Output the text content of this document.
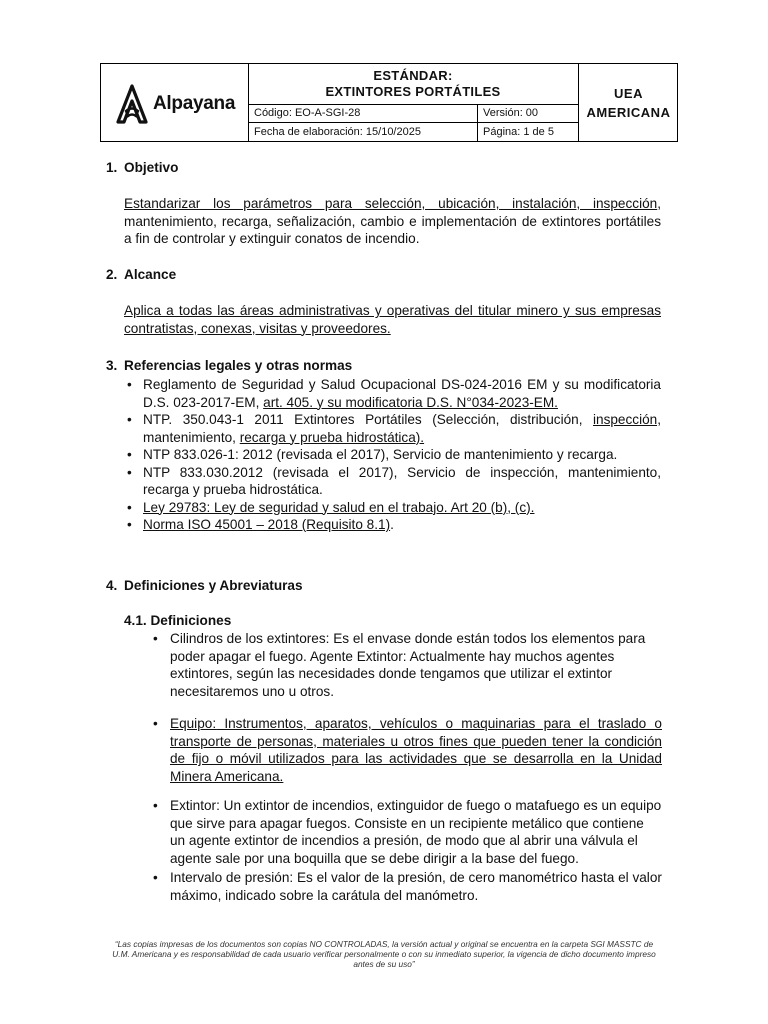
Alpayana
ESTÁNDAR:
EXTINTORES PORTÁTILES
Código: EO-A-SGI-28	Versión: 00
Fecha de elaboración: 15/10/2025	Página: 1 de 5
UEA
AMERICANA
1. Objetivo
Estandarizar los parámetros para selección, ubicación, instalación, inspección, mantenimiento, recarga, señalización, cambio e implementación de extintores portátiles a fin de controlar y extinguir conatos de incendio.
2. Alcance
Aplica a todas las áreas administrativas y operativas del titular minero y sus empresas contratistas, conexas, visitas y proveedores.
3. Referencias legales y otras normas
• Reglamento de Seguridad y Salud Ocupacional DS-024-2016 EM y su modificatoria D.S. 023-2017-EM, art. 405. y su modificatoria D.S. N°034-2023-EM.
• NTP. 350.043-1 2011 Extintores Portátiles (Selección, distribución, inspección, mantenimiento, recarga y prueba hidrostática).
• NTP 833.026-1: 2012 (revisada el 2017), Servicio de mantenimiento y recarga.
• NTP 833.030.2012 (revisada el 2017), Servicio de inspección, mantenimiento, recarga y prueba hidrostática.
• Ley 29783: Ley de seguridad y salud en el trabajo. Art 20 (b), (c).
• Norma ISO 45001 – 2018 (Requisito 8.1).
4. Definiciones y Abreviaturas
4.1. Definiciones
• Cilindros de los extintores: Es el envase donde están todos los elementos para poder apagar el fuego. Agente Extintor: Actualmente hay muchos agentes extintores, según las necesidades donde tengamos que utilizar el extintor necesitaremos uno u otros.
• Equipo: Instrumentos, aparatos, vehículos o maquinarias para el traslado o transporte de personas, materiales u otros fines que pueden tener la condición de fijo o móvil utilizados para las actividades que se desarrolla en la Unidad Minera Americana.
• Extintor: Un extintor de incendios, extinguidor de fuego o matafuego es un equipo que sirve para apagar fuegos. Consiste en un recipiente metálico que contiene un agente extintor de incendios a presión, de modo que al abrir una válvula el agente sale por una boquilla que se debe dirigir a la base del fuego.
• Intervalo de presión: Es el valor de la presión, de cero manométrico hasta el valor máximo, indicado sobre la carátula del manómetro.
“Las copias impresas de los documentos son copias NO CONTROLADAS, la versión actual y original se encuentra en la carpeta SGI MASSTC de U.M. Americana y es responsabilidad de cada usuario verificar personalmente o con su inmediato superior, la vigencia de dicho documento impreso antes de su uso”
